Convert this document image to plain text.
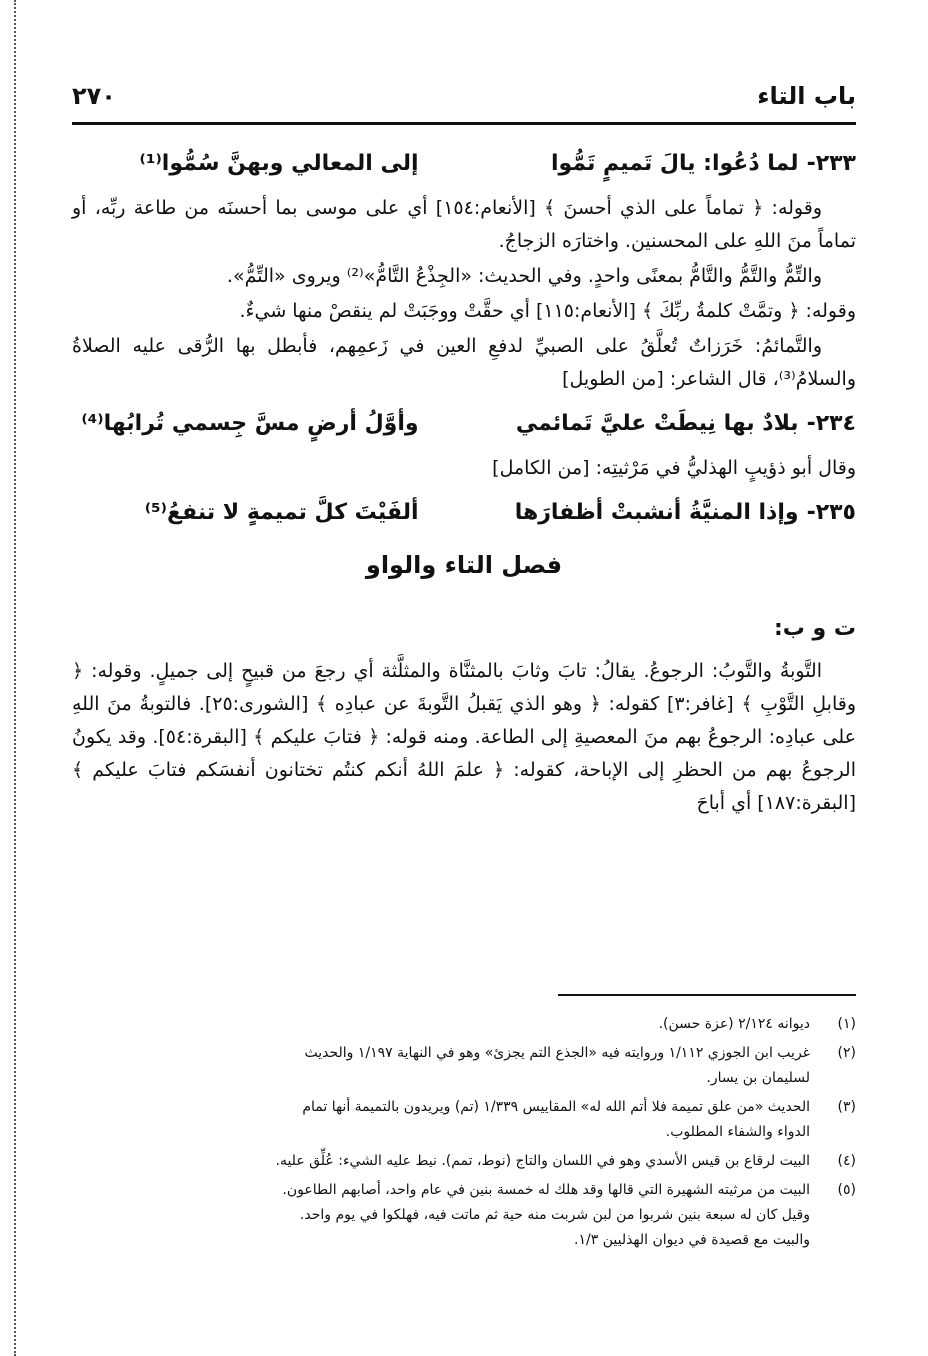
باب التاء
٢٧٠
٢٣٣-
لما دُعُوا: يالَ تَميمٍ تَمُّوا
إلى المعالي وبهنَّ سُمُّوا⁽¹⁾

وقوله: ﴿ تماماً على الذي أحسنَ ﴾ [الأنعام:١٥٤] أي على موسى بما أحسنَه من طاعة ربِّه، أو تماماً منَ اللهِ على المحسنين. واختارَه الزجاجُ.

والتِّمُّ والتَّمُّ والتَّامُّ بمعنًى واحدٍ. وفي الحديث: «الجِذْعُ التَّامُّ»⁽²⁾ ويروى «التِّمُّ».

وقوله: ﴿ وتمَّتْ كلمةُ ربِّكَ ﴾ [الأنعام:١١٥] أي حقَّتْ ووجَبَتْ لم ينقصْ منها شيءٌ.

والتَّمائمُ: خَرَزاتٌ تُعلَّقُ على الصبيِّ لدفعِ العين في زَعمِهم، فأبطل بها الرُّقى عليه الصلاةُ والسلامُ⁽³⁾، قال الشاعر: [من الطويل]

٢٣٤-
بلادٌ بها نِيطَتْ عليَّ تَمائمي
وأوَّلُ أرضٍ مسَّ جِسمي تُرابُها⁽⁴⁾

وقال أبو ذؤيبٍ الهذليُّ في مَرْثيتِه: [من الكامل]

٢٣٥-
وإذا المنيَّةُ أنشبتْ أظفارَها
ألفَيْتَ كلَّ تميمةٍ لا تنفعُ⁽⁵⁾
فصل التاء والواو
ت و ب:

التَّوبةُ والتَّوبُ: الرجوعُ. يقالُ: تابَ وثابَ بالمثنَّاة والمثلَّثة أي رجعَ من قبيحٍ إلى جميلٍ. وقوله: ﴿ وقابلِ التَّوْبِ ﴾ [غافر:٣] كقوله: ﴿ وهو الذي يَقبلُ التَّوبةَ عن عبادِه ﴾ [الشورى:٢٥]. فالتوبةُ منَ اللهِ على عبادِه: الرجوعُ بهم منَ المعصيةِ إلى الطاعة. ومنه قوله: ﴿ فتابَ عليكم ﴾ [البقرة:٥٤]. وقد يكونُ الرجوعُ بهم من الحظرِ إلى الإباحة، كقوله: ﴿ علمَ اللهُ أنكم كنتُم تختانون أنفسَكم فتابَ عليكم ﴾ [البقرة:١٨٧] أي أباحَ

(١)
ديوانه ٢/١٢٤ (عزة حسن).
(٢)
غريب ابن الجوزي ١/١١٢ وروايته فيه «الجذع التم يجزئ» وهو في النهاية ١/١٩٧ والحديث
لسليمان بن يسار.
(٣)
الحديث «من علق تميمة فلا أتم الله له» المقاييس ١/٣٣٩ (تم) ويريدون بالتميمة أنها تمام
الدواء والشفاء المطلوب.
(٤)
البيت لرقاع بن قيس الأسدي وهو في اللسان والتاج (نوط، تمم). نيط عليه الشيء: عُلِّق عليه.
(٥)
البيت من مرثيته الشهيرة التي قالها وقد هلك له خمسة بنين في عام واحد، أصابهم الطاعون.
وقيل كان له سبعة بنين شربوا من لبن شربت منه حية ثم ماتت فيه، فهلكوا في يوم واحد.
والبيت مع قصيدة في ديوان الهذليين ١/٣.
